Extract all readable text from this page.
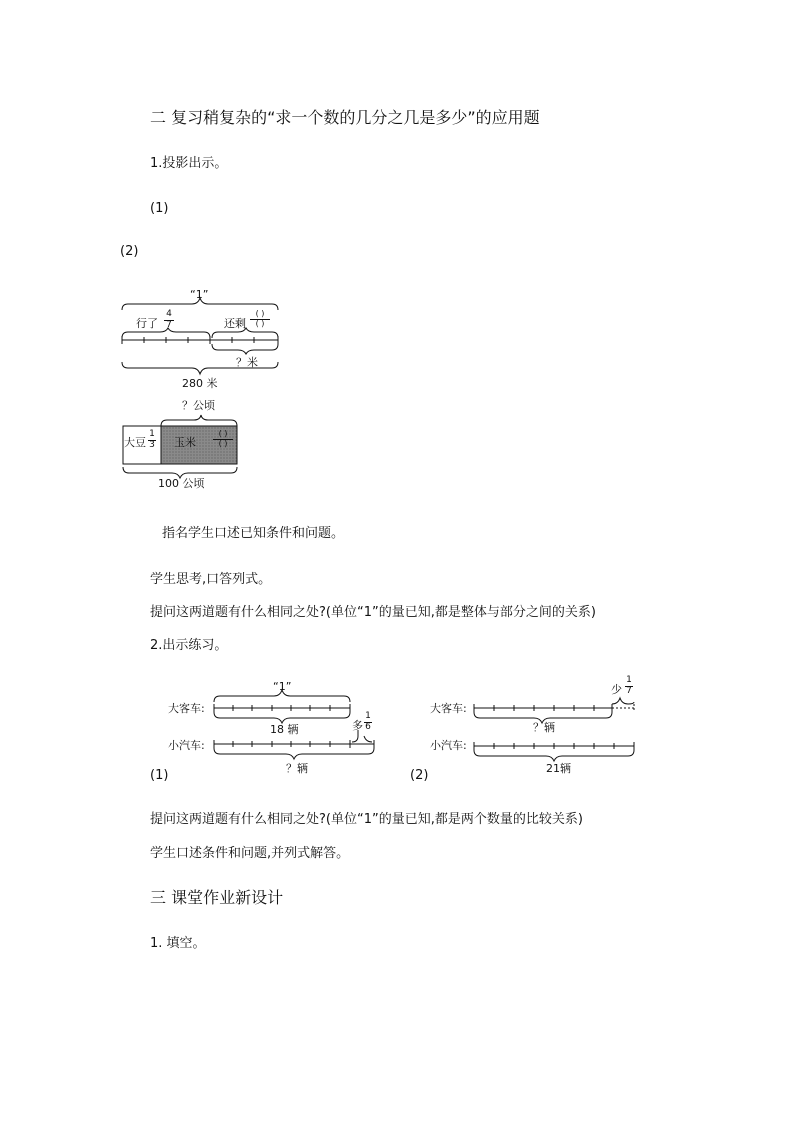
二 复习稍复杂的“求一个数的几分之几是多少”的应用题
1.投影出示。
(1)
(2)
“1”
行了 $\frac{4}{7}$	还剩
( )
( )
？米
280 米
？公顷
大豆 $\frac{1}{3}$ 玉米
( )
( )
100 公顷
指名学生口述已知条件和问题。
学生思考,口答列式。
提问这两道题有什么相同之处?(单位“1”的量已知,都是整体与部分之间的关系)
2.出示练习。
“1”
大客车:
18 辆	多 $\frac{1}{6}$
小汽车:
？辆
(1)
少 $\frac{1}{7}$
大客车:
？辆
小汽车:
21辆
(2)
提问这两道题有什么相同之处?(单位“1”的量已知,都是两个数量的比较关系)
学生口述条件和问题,并列式解答。
三 课堂作业新设计
1. 填空。
